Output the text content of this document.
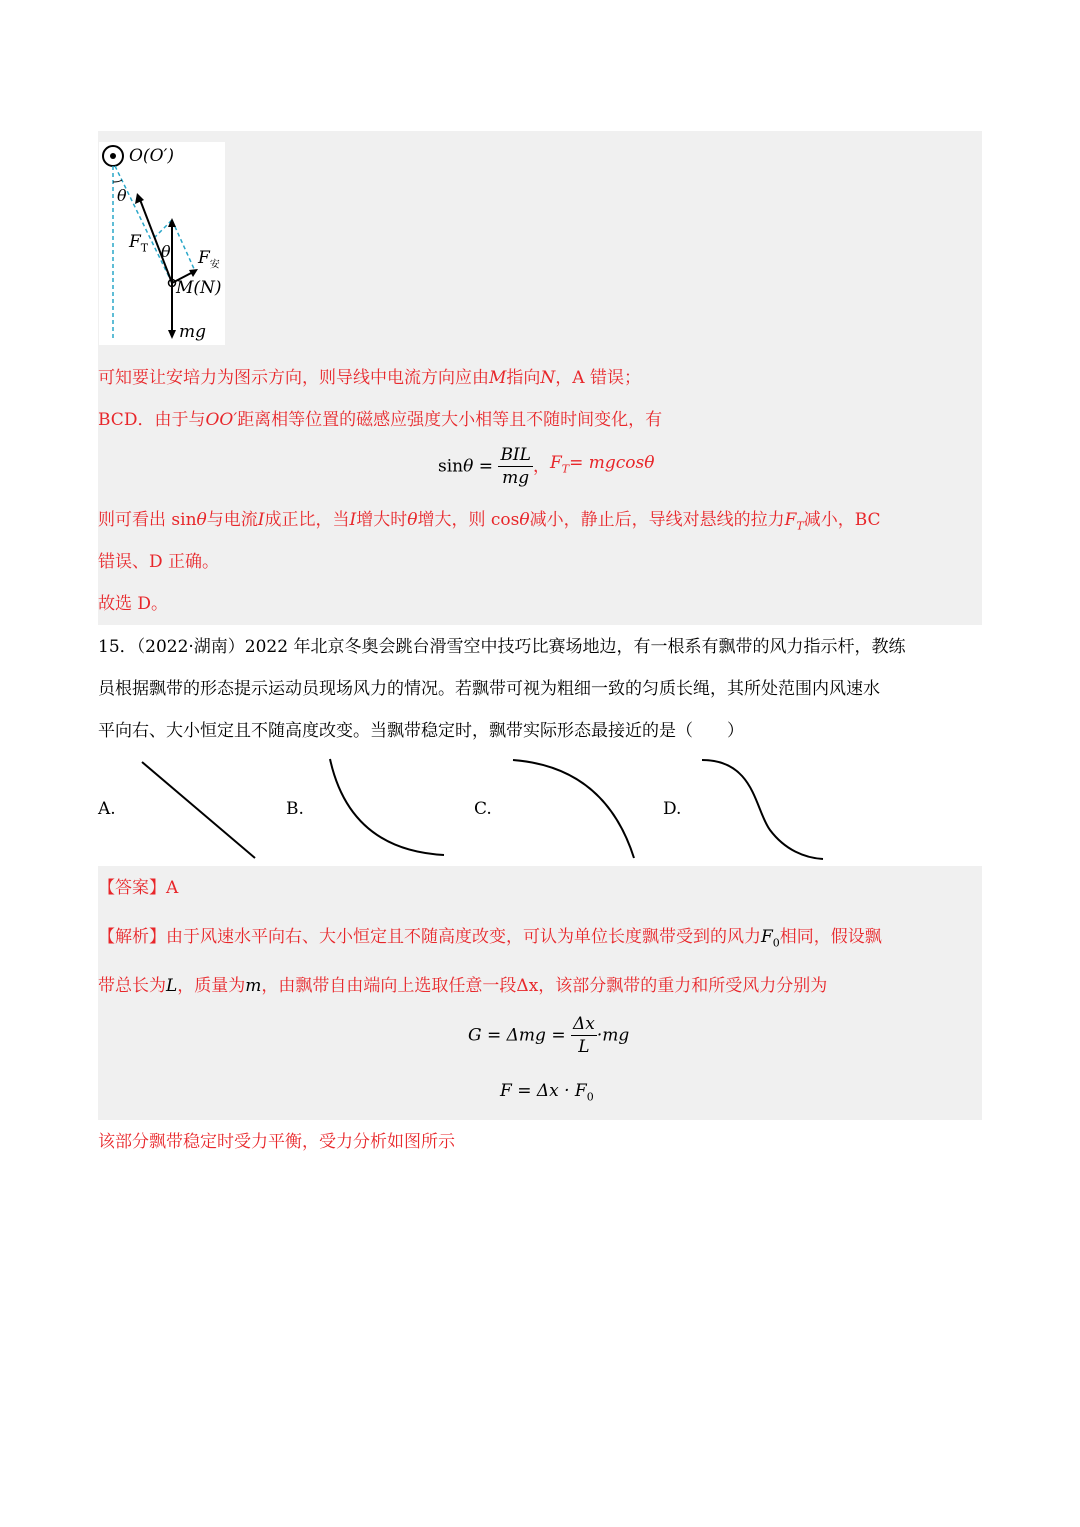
O(O′)
θ
θ
$F_T$
$F_安$
M(N)
mg
可知要让安培力为图示方向，则导线中电流方向应由M指向N，A 错误；
BCD．由于与OO′距离相等位置的磁感应强度大小相等且不随时间变化，有
$\sin\theta = \frac{\text{BIL}}{mg}$ ，$F_T= mgcos\theta$
则可看出 sinθ与电流I成正比，当I增大时θ增大，则 cosθ减小，静止后，导线对悬线的拉力$F_T$减小，BC
错误、D 正确。
故选 D。
15．（2022·湖南）2022 年北京冬奥会跳台滑雪空中技巧比赛场地边，有一根系有飘带的风力指示杆，教练
员根据飘带的形态提示运动员现场风力的情况。若飘带可视为粗细一致的匀质长绳，其所处范围内风速水
平向右、大小恒定且不随高度改变。当飘带稳定时，飘带实际形态最接近的是（　　）
A.	B.	C.	D.
【答案】A
【解析】由于风速水平向右、大小恒定且不随高度改变，可认为单位长度飘带受到的风力$F_0$相同，假设飘
带总长为L，质量为m，由飘带自由端向上选取任意一段Δx，该部分飘带的重力和所受风力分别为
$G = \Delta mg = \frac{\Delta x}{L} \cdot mg$
$F = \Delta x \cdot F_0$
该部分飘带稳定时受力平衡，受力分析如图所示
